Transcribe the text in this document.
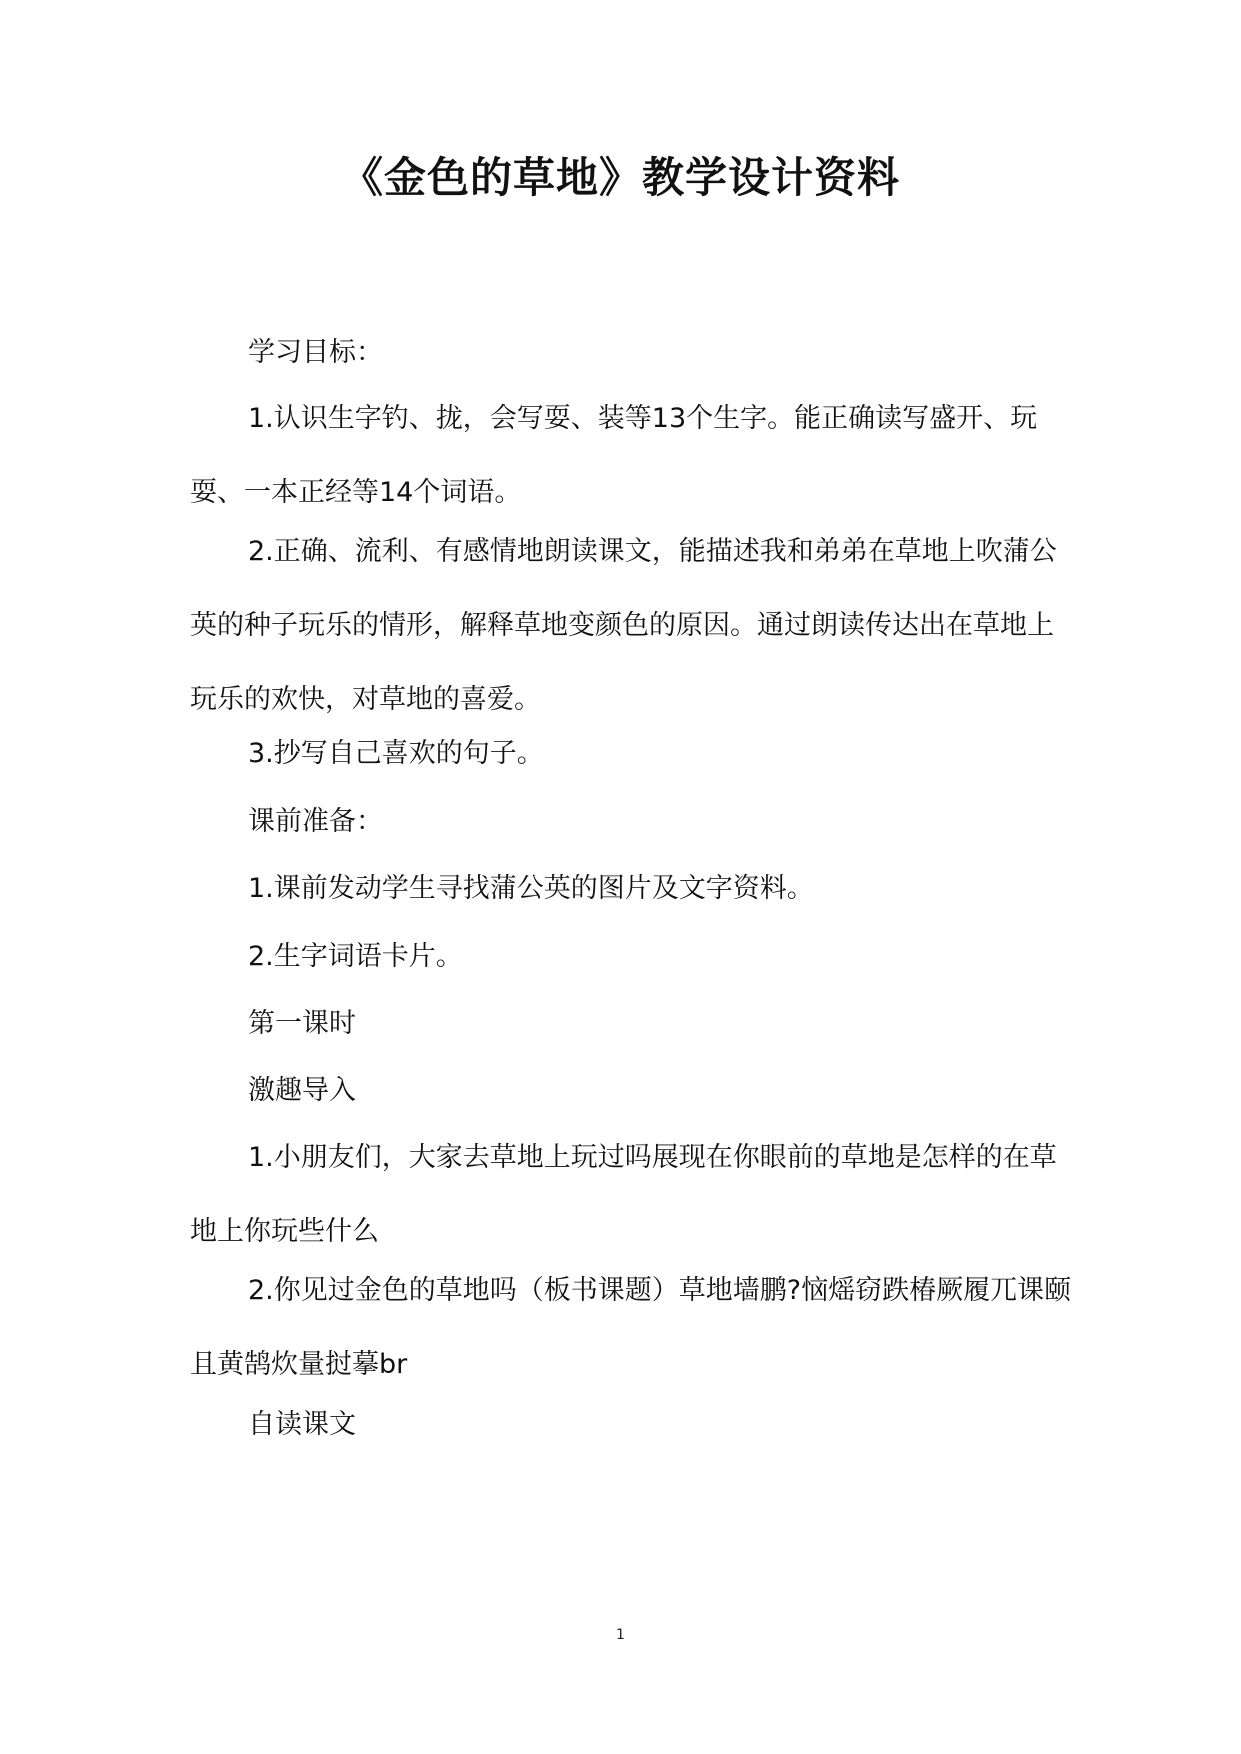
《金色的草地》教学设计资料

学习目标：

1.认识生字钓、拢，会写耍、装等13个生字。能正确读写盛开、玩耍、一本正经等14个词语。

2.正确、流利、有感情地朗读课文，能描述我和弟弟在草地上吹蒲公英的种子玩乐的情形，解释草地变颜色的原因。通过朗读传达出在草地上玩乐的欢快，对草地的喜爱。

3.抄写自己喜欢的句子。

课前准备：

1.课前发动学生寻找蒲公英的图片及文字资料。

2.生字词语卡片。

第一课时

激趣导入

1.小朋友们，大家去草地上玩过吗展现在你眼前的草地是怎样的在草地上你玩些什么

2.你见过金色的草地吗（板书课题）草地墙鹏?恼熎窃跌椿厥履兀课颐且黄鹄炊量挝摹br

自读课文

1
